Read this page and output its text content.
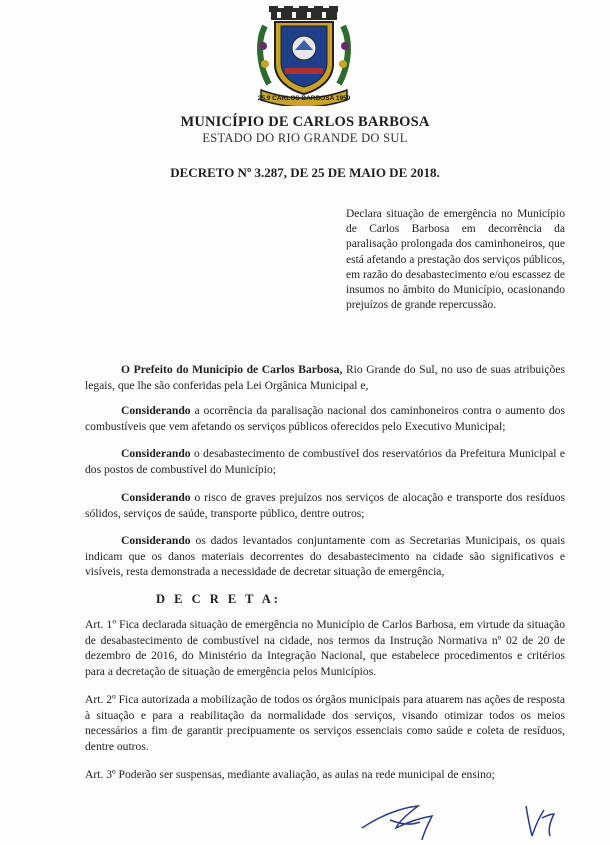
25.9 CARLOS BARBOSA 1959
MUNICÍPIO DE CARLOS BARBOSA
ESTADO DO RIO GRANDE DO SUL
DECRETO Nº 3.287, DE 25 DE MAIO DE 2018.
Declara situação de emergência no Município de Carlos Barbosa em decorrência da paralisação prolongada dos caminhoneiros, que está afetando a prestação dos serviços públicos, em razão do desabastecimento e/ou escassez de insumos no âmbito do Município, ocasionando prejuízos de grande repercussão.

O Prefeito do Município de Carlos Barbosa, Rio Grande do Sul, no uso de suas atribuições legais, que lhe são conferidas pela Lei Orgânica Municipal e,

Considerando a ocorrência da paralisação nacional dos caminhoneiros contra o aumento dos combustíveis que vem afetando os serviços públicos oferecidos pelo Executivo Municipal;

Considerando o desabastecimento de combustível dos reservatórios da Prefeitura Municipal e dos postos de combustível do Município;

Considerando o risco de graves prejuízos nos serviços de alocação e transporte dos resíduos sólidos, serviços de saúde, transporte público, dentre outros;

Considerando os dados levantados conjuntamente com as Secretarias Municipais, os quais indicam que os danos materiais decorrentes do desabastecimento na cidade são significativos e visíveis, resta demonstrada a necessidade de decretar situação de emergência,

D E C R E T A:

Art. 1º Fica declarada situação de emergência no Município de Carlos Barbosa, em virtude da situação de desabastecimento de combustível na cidade, nos termos da Instrução Normativa nº 02 de 20 de dezembro de 2016, do Ministério da Integração Nacional, que estabelece procedimentos e critérios para a decretação de situação de emergência pelos Municípios.

Art. 2º Fica autorizada a mobilização de todos os órgãos municipais para atuarem nas ações de resposta à situação e para a reabilitação da normalidade dos serviços, visando otimizar todos os meios necessários a fim de garantir precipuamente os serviços essenciais como saúde e coleta de resíduos, dentre outros.

Art. 3º Poderão ser suspensas, mediante avaliação, as aulas na rede municipal de ensino;
